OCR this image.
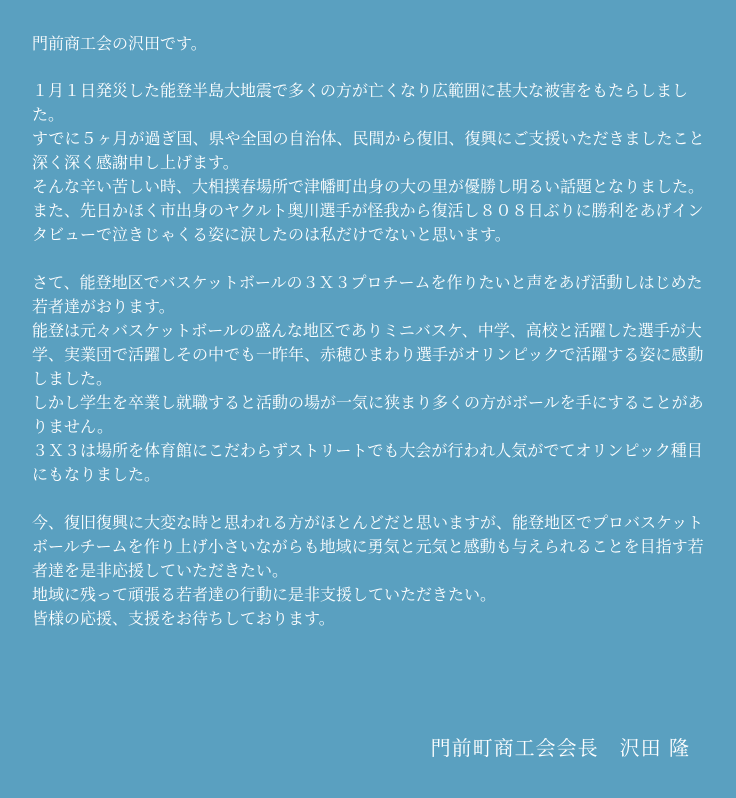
門前商工会の沢田です。

１月１日発災した能登半島大地震で多くの方が亡くなり広範囲に甚大な被害をもたらしました。
すでに５ヶ月が過ぎ国、県や全国の自治体、民間から復旧、復興にご支援いただきましたこと深く深く感謝申し上げます。
そんな辛い苦しい時、大相撲春場所で津幡町出身の大の里が優勝し明るい話題となりました。また、先日かほく市出身のヤクルト奥川選手が怪我から復活し８０８日ぶりに勝利をあげインタビューで泣きじゃくる姿に涙したのは私だけでないと思います。

さて、能登地区でバスケットボールの３Ｘ３プロチームを作りたいと声をあげ活動しはじめた若者達がおります。
能登は元々バスケットボールの盛んな地区でありミニバスケ、中学、高校と活躍した選手が大学、実業団で活躍しその中でも一昨年、赤穂ひまわり選手がオリンピックで活躍する姿に感動しました。
しかし学生を卒業し就職すると活動の場が一気に狭まり多くの方がボールを手にすることがありません。
３Ｘ３は場所を体育館にこだわらずストリートでも大会が行われ人気がでてオリンピック種目にもなりました。

今、復旧復興に大変な時と思われる方がほとんどだと思いますが、能登地区でプロバスケットボールチームを作り上げ小さいながらも地域に勇気と元気と感動も与えられることを目指す若者達を是非応援していただきたい。
地域に残って頑張る若者達の行動に是非支援していただきたい。
皆様の応援、支援をお待ちしております。

門前町商工会会長　沢田 隆
